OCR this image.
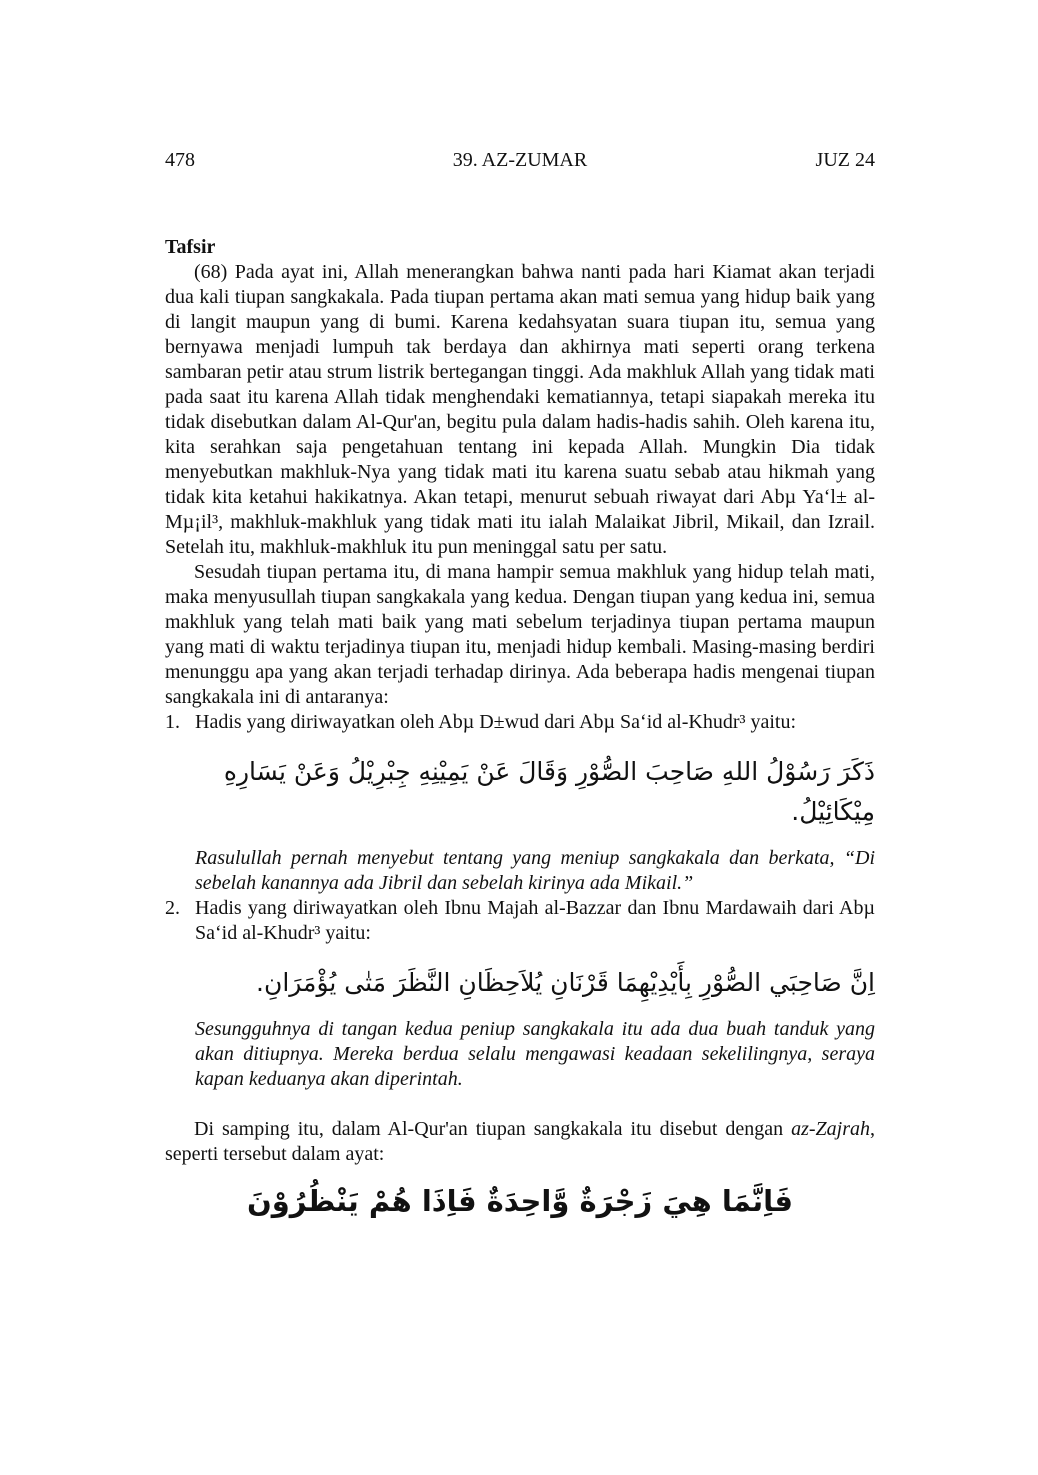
478	39. AZ-ZUMAR	JUZ 24
Tafsir

(68) Pada ayat ini, Allah menerangkan bahwa nanti pada hari Kiamat akan terjadi dua kali tiupan sangkakala. Pada tiupan pertama akan mati semua yang hidup baik yang di langit maupun yang di bumi. Karena kedahsyatan suara tiupan itu, semua yang bernyawa menjadi lumpuh tak berdaya dan akhirnya mati seperti orang terkena sambaran petir atau strum listrik bertegangan tinggi. Ada makhluk Allah yang tidak mati pada saat itu karena Allah tidak menghendaki kematiannya, tetapi siapakah mereka itu tidak disebutkan dalam Al-Qur'an, begitu pula dalam hadis-hadis sahih. Oleh karena itu, kita serahkan saja pengetahuan tentang ini kepada Allah. Mungkin Dia tidak menyebutkan makhluk-Nya yang tidak mati itu karena suatu sebab atau hikmah yang tidak kita ketahui hakikatnya. Akan tetapi, menurut sebuah riwayat dari Abµ Ya‘l± al-Mµ¡il³, makhluk-makhluk yang tidak mati itu ialah Malaikat Jibril, Mikail, dan Izrail. Setelah itu, makhluk-makhluk itu pun meninggal satu per satu.

Sesudah tiupan pertama itu, di mana hampir semua makhluk yang hidup telah mati, maka menyusullah tiupan sangkakala yang kedua. Dengan tiupan yang kedua ini, semua makhluk yang telah mati baik yang mati sebelum terjadinya tiupan pertama maupun yang mati di waktu terjadinya tiupan itu, menjadi hidup kembali. Masing-masing berdiri menunggu apa yang akan terjadi terhadap dirinya. Ada beberapa hadis mengenai tiupan sangkakala ini di antaranya:

1. Hadis yang diriwayatkan oleh Abµ D±wud dari Abµ Sa‘id al-Khudr³ yaitu:
ذَكَرَ رَسُوْلُ اللهِ صَاحِبَ الصُّوْرِ وَقَالَ عَنْ يَمِيْنِهِ جِبْرِيْلُ وَعَنْ يَسَارِهِ مِيْكَائِيْلُ.
Rasulullah pernah menyebut tentang yang meniup sangkakala dan berkata, “Di sebelah kanannya ada Jibril dan sebelah kirinya ada Mikail.”
2. Hadis yang diriwayatkan oleh Ibnu Majah al-Bazzar dan Ibnu Mardawaih dari Abµ Sa‘id al-Khudr³ yaitu:
اِنَّ صَاحِبَي الصُّوْرِ بِأَيْدِيْهِمَا قَرْنَانِ يُلاَحِظَانِ النَّظَرَ مَتٰى يُؤْمَرَانِ.
Sesungguhnya di tangan kedua peniup sangkakala itu ada dua buah tanduk yang akan ditiupnya. Mereka berdua selalu mengawasi keadaan sekelilingnya, seraya kapan keduanya akan diperintah.

Di samping itu, dalam Al-Qur'an tiupan sangkakala itu disebut dengan az-Zajrah, seperti tersebut dalam ayat:

فَاِنَّمَا هِيَ زَجْرَةٌ وَّاحِدَةٌ فَاِذَا هُمْ يَنْظُرُوْنَ
